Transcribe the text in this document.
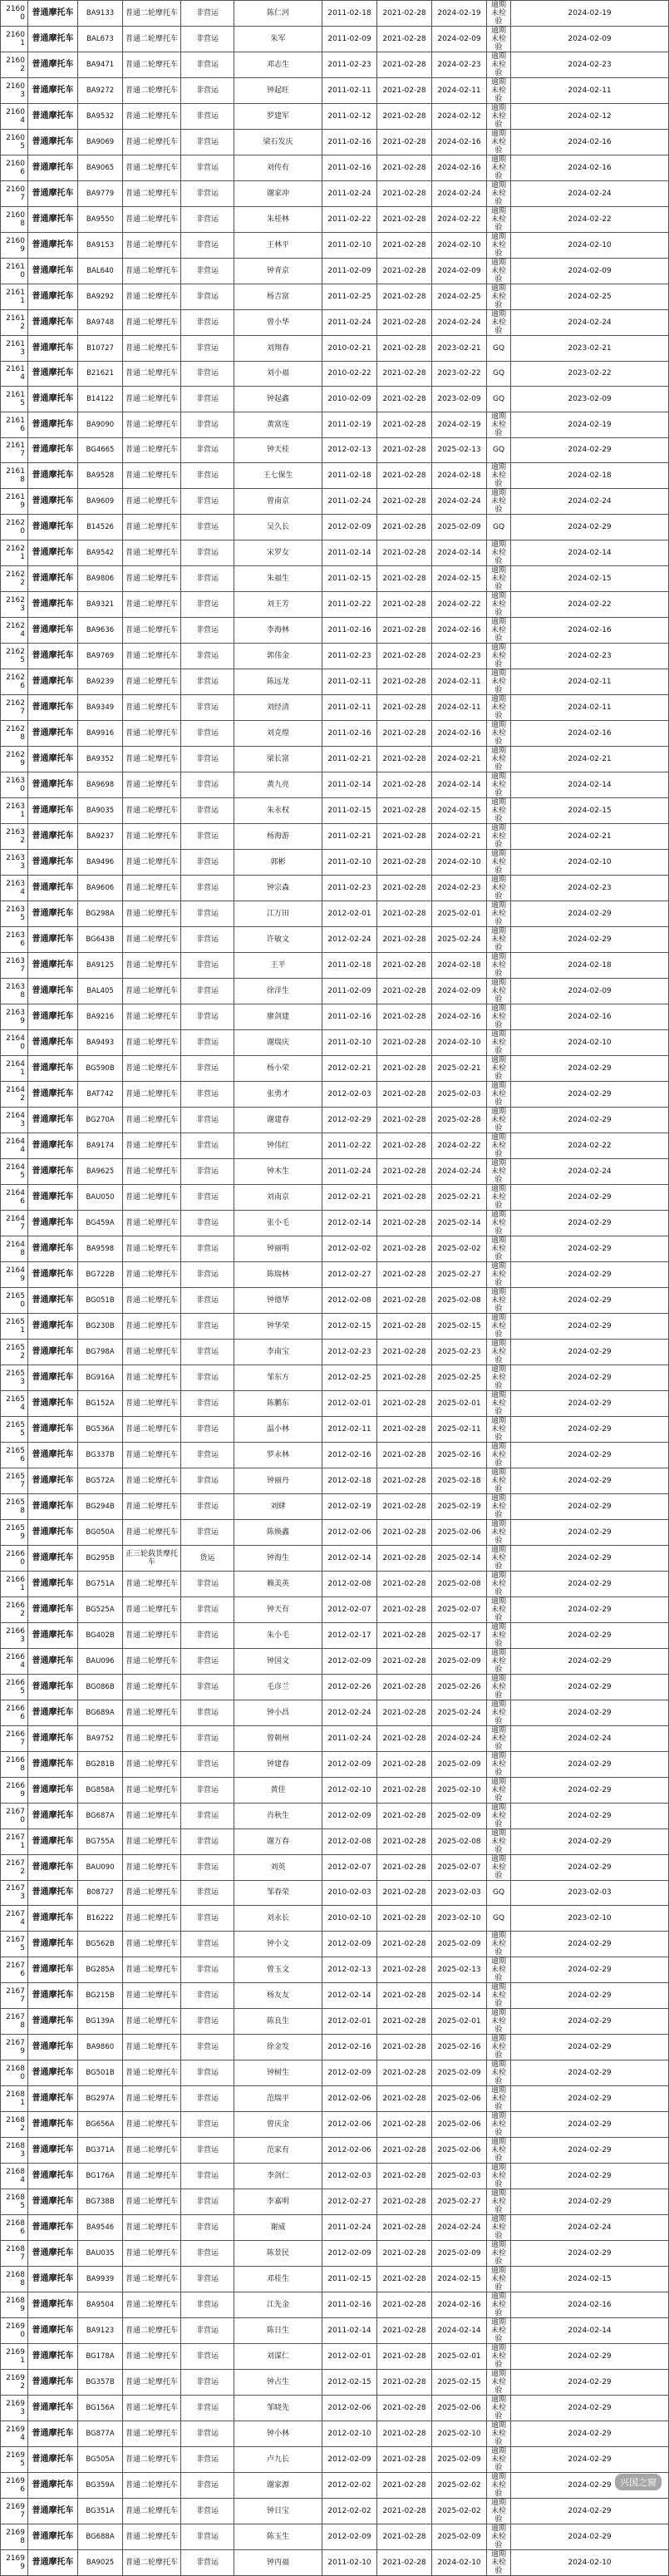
21600	普通摩托车	BA9133	普通二轮摩托车	非营运	陈仁河	2011-02-18	2021-02-28	2024-02-19	逾期未检验	2024-02-19
21601	普通摩托车	BAL673	普通二轮摩托车	非营运	朱军	2011-02-09	2021-02-28	2024-02-09	逾期未检验	2024-02-09
21602	普通摩托车	BA9471	普通二轮摩托车	非营运	邓志生	2011-02-23	2021-02-28	2024-02-23	逾期未检验	2024-02-23
21603	普通摩托车	BA9272	普通二轮摩托车	非营运	钟起旺	2011-02-11	2021-02-28	2024-02-11	逾期未检验	2024-02-11
21604	普通摩托车	BA9532	普通二轮摩托车	非营运	罗建军	2011-02-12	2021-02-28	2024-02-12	逾期未检验	2024-02-12
21605	普通摩托车	BA9069	普通二轮摩托车	非营运	梁石发庆	2011-02-16	2021-02-28	2024-02-16	逾期未检验	2024-02-16
21606	普通摩托车	BA9065	普通二轮摩托车	非营运	刘传有	2011-02-16	2021-02-28	2024-02-16	逾期未检验	2024-02-16
21607	普通摩托车	BA9779	普通二轮摩托车	非营运	谢家冲	2011-02-24	2021-02-28	2024-02-24	逾期未检验	2024-02-24
21608	普通摩托车	BA9550	普通二轮摩托车	非营运	朱桂林	2011-02-22	2021-02-28	2024-02-22	逾期未检验	2024-02-22
21609	普通摩托车	BA9153	普通二轮摩托车	非营运	王林平	2011-02-10	2021-02-28	2024-02-10	逾期未检验	2024-02-10
21610	普通摩托车	BAL640	普通二轮摩托车	非营运	钟青京	2011-02-09	2021-02-28	2024-02-09	逾期未检验	2024-02-09
21611	普通摩托车	BA9292	普通二轮摩托车	非营运	杨吉富	2011-02-25	2021-02-28	2024-02-25	逾期未检验	2024-02-25
21612	普通摩托车	BA9748	普通二轮摩托车	非营运	曾小华	2011-02-24	2021-02-28	2024-02-24	逾期未检验	2024-02-24
21613	普通摩托车	B10727	普通二轮摩托车	非营运	刘翔春	2010-02-21	2021-02-28	2023-02-21	GQ	2023-02-21
21614	普通摩托车	B21621	普通二轮摩托车	非营运	刘小福	2010-02-22	2021-02-28	2023-02-22	GQ	2023-02-22
21615	普通摩托车	B14122	普通二轮摩托车	非营运	钟起鑫	2010-02-09	2021-02-28	2023-02-09	GQ	2023-02-09
21616	普通摩托车	BA9090	普通二轮摩托车	非营运	黄富连	2011-02-19	2021-02-28	2024-02-19	逾期未检验	2024-02-19
21617	普通摩托车	BG4665	普通二轮摩托车	非营运	钟天桂	2012-02-13	2021-02-28	2025-02-13	GQ	2024-02-29
21618	普通摩托车	BA9528	普通二轮摩托车	非营运	王七保生	2011-02-18	2021-02-28	2024-02-18	逾期未检验	2024-02-18
21619	普通摩托车	BA9609	普通二轮摩托车	非营运	曾南京	2011-02-24	2021-02-28	2024-02-24	逾期未检验	2024-02-24
21620	普通摩托车	B14526	普通二轮摩托车	非营运	吴久长	2012-02-09	2021-02-28	2025-02-09	GQ	2024-02-29
21621	普通摩托车	BA9542	普通二轮摩托车	非营运	宋罗女	2011-02-14	2021-02-28	2024-02-14	逾期未检验	2024-02-14
21622	普通摩托车	BA9806	普通二轮摩托车	非营运	朱福生	2011-02-15	2021-02-28	2024-02-15	逾期未检验	2024-02-15
21623	普通摩托车	BA9321	普通二轮摩托车	非营运	刘王芳	2011-02-22	2021-02-28	2024-02-22	逾期未检验	2024-02-22
21624	普通摩托车	BA9636	普通二轮摩托车	非营运	李海林	2011-02-16	2021-02-28	2024-02-16	逾期未检验	2024-02-16
21625	普通摩托车	BA9769	普通二轮摩托车	非营运	郭伟金	2011-02-23	2021-02-28	2024-02-23	逾期未检验	2024-02-23
21626	普通摩托车	BA9239	普通二轮摩托车	非营运	陈远龙	2011-02-11	2021-02-28	2024-02-11	逾期未检验	2024-02-11
21627	普通摩托车	BA9349	普通二轮摩托车	非营运	刘经清	2011-02-11	2021-02-28	2024-02-11	逾期未检验	2024-02-11
21628	普通摩托车	BA9916	普通二轮摩托车	非营运	刘克煌	2011-02-16	2021-02-28	2024-02-16	逾期未检验	2024-02-16
21629	普通摩托车	BA9352	普通二轮摩托车	非营运	梁长富	2011-02-21	2021-02-28	2024-02-21	逾期未检验	2024-02-21
21630	普通摩托车	BA9698	普通二轮摩托车	非营运	黄九亮	2011-02-14	2021-02-28	2024-02-14	逾期未检验	2024-02-14
21631	普通摩托车	BA9035	普通二轮摩托车	非营运	朱永权	2011-02-15	2021-02-28	2024-02-15	逾期未检验	2024-02-15
21632	普通摩托车	BA9237	普通二轮摩托车	非营运	杨海游	2011-02-21	2021-02-28	2024-02-21	逾期未检验	2024-02-21
21633	普通摩托车	BA9496	普通二轮摩托车	非营运	郭彬	2011-02-10	2021-02-28	2024-02-10	逾期未检验	2024-02-10
21634	普通摩托车	BA9606	普通二轮摩托车	非营运	钟宗森	2011-02-23	2021-02-28	2024-02-23	逾期未检验	2024-02-23
21635	普通摩托车	BG298A	普通二轮摩托车	非营运	江万田	2012-02-01	2021-02-28	2025-02-01	逾期未检验	2024-02-29
21636	普通摩托车	BG643B	普通二轮摩托车	非营运	许敏文	2012-02-24	2021-02-28	2025-02-24	逾期未检验	2024-02-29
21637	普通摩托车	BA9125	普通二轮摩托车	非营运	王平	2011-02-18	2021-02-28	2024-02-18	逾期未检验	2024-02-18
21638	普通摩托车	BAL405	普通二轮摩托车	非营运	徐洋生	2011-02-09	2021-02-28	2024-02-09	逾期未检验	2024-02-09
21639	普通摩托车	BA9216	普通二轮摩托车	非营运	廖剑建	2011-02-16	2021-02-28	2024-02-16	逾期未检验	2024-02-16
21640	普通摩托车	BA9493	普通二轮摩托车	非营运	谢瑞庆	2011-02-10	2021-02-28	2024-02-10	逾期未检验	2024-02-10
21641	普通摩托车	BG590B	普通二轮摩托车	非营运	杨小荣	2012-02-21	2021-02-28	2025-02-21	逾期未检验	2024-02-29
21642	普通摩托车	BAT742	普通二轮摩托车	非营运	张勇才	2012-02-03	2021-02-28	2025-02-03	逾期未检验	2024-02-29
21643	普通摩托车	BG270A	普通二轮摩托车	非营运	谢建春	2012-02-29	2021-02-28	2025-02-28	逾期未检验	2024-02-29
21644	普通摩托车	BA9174	普通二轮摩托车	非营运	钟伟红	2011-02-22	2021-02-28	2024-02-22	逾期未检验	2024-02-22
21645	普通摩托车	BA9625	普通二轮摩托车	非营运	钟木生	2011-02-24	2021-02-28	2024-02-24	逾期未检验	2024-02-24
21646	普通摩托车	BAU050	普通二轮摩托车	非营运	刘南京	2012-02-21	2021-02-28	2025-02-21	逾期未检验	2024-02-29
21647	普通摩托车	BG459A	普通二轮摩托车	非营运	张小毛	2012-02-14	2021-02-28	2025-02-14	逾期未检验	2024-02-29
21648	普通摩托车	BA9598	普通二轮摩托车	非营运	钟丽明	2012-02-02	2021-02-28	2025-02-02	逾期未检验	2024-02-29
21649	普通摩托车	BG722B	普通二轮摩托车	非营运	陈瑞林	2012-02-27	2021-02-28	2025-02-27	逾期未检验	2024-02-29
21650	普通摩托车	BG051B	普通二轮摩托车	非营运	钟德华	2012-02-08	2021-02-28	2025-02-08	逾期未检验	2024-02-29
21651	普通摩托车	BG230B	普通二轮摩托车	非营运	钟华荣	2012-02-15	2021-02-28	2025-02-15	逾期未检验	2024-02-29
21652	普通摩托车	BG798A	普通二轮摩托车	非营运	李南宝	2012-02-23	2021-02-28	2025-02-23	逾期未检验	2024-02-29
21653	普通摩托车	BG916A	普通二轮摩托车	非营运	邹东方	2012-02-25	2021-02-28	2025-02-25	逾期未检验	2024-02-29
21654	普通摩托车	BG152A	普通二轮摩托车	非营运	陈鹏东	2012-02-01	2021-02-28	2025-02-01	逾期未检验	2024-02-29
21655	普通摩托车	BG536A	普通二轮摩托车	非营运	温小林	2012-02-11	2021-02-28	2025-02-11	逾期未检验	2024-02-29
21656	普通摩托车	BG337B	普通二轮摩托车	非营运	罗永林	2012-02-16	2021-02-28	2025-02-16	逾期未检验	2024-02-29
21657	普通摩托车	BG572A	普通二轮摩托车	非营运	钟丽丹	2012-02-18	2021-02-28	2025-02-18	逾期未检验	2024-02-29
21658	普通摩托车	BG294B	普通二轮摩托车	非营运	刘肆	2012-02-19	2021-02-28	2025-02-19	逾期未检验	2024-02-29
21659	普通摩托车	BG050A	普通二轮摩托车	非营运	陈焕鑫	2012-02-06	2021-02-28	2025-02-06	逾期未检验	2024-02-29
21660	普通摩托车	BG295B	正三轮载货摩托车	货运	钟海生	2012-02-14	2021-02-28	2025-02-14	逾期未检验	2024-02-29
21661	普通摩托车	BG751A	普通二轮摩托车	非营运	赖美英	2012-02-08	2021-02-28	2025-02-08	逾期未检验	2024-02-29
21662	普通摩托车	BG525A	普通二轮摩托车	非营运	钟天有	2012-02-07	2021-02-28	2025-02-07	逾期未检验	2024-02-29
21663	普通摩托车	BG402B	普通二轮摩托车	非营运	朱小毛	2012-02-17	2021-02-28	2025-02-17	逾期未检验	2024-02-29
21664	普通摩托车	BAU096	普通二轮摩托车	非营运	钟国文	2012-02-09	2021-02-28	2025-02-09	逾期未检验	2024-02-29
21665	普通摩托车	BG086B	普通二轮摩托车	非营运	毛彦兰	2012-02-26	2021-02-28	2025-02-26	逾期未检验	2024-02-29
21666	普通摩托车	BG689A	普通二轮摩托车	非营运	钟小昌	2012-02-24	2021-02-28	2025-02-24	逾期未检验	2024-02-29
21667	普通摩托车	BA9752	普通二轮摩托车	非营运	曾朝州	2011-02-24	2021-02-28	2024-02-24	逾期未检验	2024-02-24
21668	普通摩托车	BG281B	普通二轮摩托车	非营运	钟建春	2012-02-09	2021-02-28	2025-02-09	逾期未检验	2024-02-29
21669	普通摩托车	BG858A	普通二轮摩托车	非营运	黄佳	2012-02-10	2021-02-28	2025-02-10	逾期未检验	2024-02-29
21670	普通摩托车	BG687A	普通二轮摩托车	非营运	肖秋生	2012-02-09	2021-02-28	2025-02-09	逾期未检验	2024-02-29
21671	普通摩托车	BG755A	普通二轮摩托车	非营运	谢万春	2012-02-08	2021-02-28	2025-02-08	逾期未检验	2024-02-29
21672	普通摩托车	BAU090	普通二轮摩托车	非营运	刘英	2012-02-07	2021-02-28	2025-02-07	逾期未检验	2024-02-29
21673	普通摩托车	B08727	普通二轮摩托车	非营运	邹春荣	2010-02-03	2021-02-28	2023-02-03	GQ	2023-02-03
21674	普通摩托车	B16222	普通二轮摩托车	非营运	刘永长	2010-02-10	2021-02-28	2023-02-10	GQ	2023-02-10
21675	普通摩托车	BG562B	普通二轮摩托车	非营运	钟小文	2012-02-09	2021-02-28	2025-02-09	逾期未检验	2024-02-29
21676	普通摩托车	BG285A	普通二轮摩托车	非营运	曾玉文	2012-02-13	2021-02-28	2025-02-13	逾期未检验	2024-02-29
21677	普通摩托车	BG215B	普通二轮摩托车	非营运	杨友友	2012-02-14	2021-02-28	2025-02-14	逾期未检验	2024-02-29
21678	普通摩托车	BG139A	普通二轮摩托车	非营运	陈良生	2012-02-01	2021-02-28	2025-02-01	逾期未检验	2024-02-29
21679	普通摩托车	BA9860	普通二轮摩托车	非营运	徐金发	2012-02-16	2021-02-28	2025-02-16	逾期未检验	2024-02-29
21680	普通摩托车	BG501B	普通二轮摩托车	非营运	钟树生	2012-02-09	2021-02-28	2025-02-09	逾期未检验	2024-02-29
21681	普通摩托车	BG297A	普通二轮摩托车	非营运	范瑞平	2012-02-06	2021-02-28	2025-02-06	逾期未检验	2024-02-29
21682	普通摩托车	BG656A	普通二轮摩托车	非营运	曾庆金	2012-02-06	2021-02-28	2025-02-06	逾期未检验	2024-02-29
21683	普通摩托车	BG371A	普通二轮摩托车	非营运	范家有	2012-02-06	2021-02-28	2025-02-06	逾期未检验	2024-02-29
21684	普通摩托车	BG176A	普通二轮摩托车	非营运	李剑仁	2012-02-03	2021-02-28	2025-02-03	逾期未检验	2024-02-29
21685	普通摩托车	BG738B	普通二轮摩托车	非营运	李嘉明	2012-02-27	2021-02-28	2025-02-27	逾期未检验	2024-02-29
21686	普通摩托车	BA9546	普通二轮摩托车	非营运	谢威	2011-02-24	2021-02-28	2024-02-24	逾期未检验	2024-02-24
21687	普通摩托车	BAU035	普通二轮摩托车	非营运	陈景民	2012-02-09	2021-02-28	2025-02-09	逾期未检验	2024-02-29
21688	普通摩托车	BA9939	普通二轮摩托车	非营运	邓桂生	2011-02-15	2021-02-28	2024-02-15	逾期未检验	2024-02-15
21689	普通摩托车	BA9504	普通二轮摩托车	非营运	江先金	2011-02-16	2021-02-28	2024-02-16	逾期未检验	2024-02-16
21690	普通摩托车	BA9123	普通二轮摩托车	非营运	陈日生	2011-02-14	2021-02-28	2024-02-14	逾期未检验	2024-02-14
21691	普通摩托车	BG178A	普通二轮摩托车	非营运	刘谋仁	2012-02-01	2021-02-28	2025-02-01	逾期未检验	2024-02-29
21692	普通摩托车	BG357B	普通二轮摩托车	非营运	钟占生	2012-02-15	2021-02-28	2025-02-15	逾期未检验	2024-02-29
21693	普通摩托车	BG156A	普通二轮摩托车	非营运	邹晓先	2012-02-06	2021-02-28	2025-02-06	逾期未检验	2024-02-29
21694	普通摩托车	BG877A	普通二轮摩托车	非营运	钟小林	2012-02-10	2021-02-28	2025-02-10	逾期未检验	2024-02-29
21695	普通摩托车	BG505A	普通二轮摩托车	非营运	卢九长	2012-02-09	2021-02-28	2025-02-09	逾期未检验	2024-02-29
21696	普通摩托车	BG359A	普通二轮摩托车	非营运	谢家源	2012-02-02	2021-02-28	2025-02-02	逾期未检验	2024-02-29
21697	普通摩托车	BG351A	普通二轮摩托车	非营运	钟日宝	2012-02-02	2021-02-28	2025-02-02	逾期未检验	2024-02-29
21698	普通摩托车	BG688A	普通二轮摩托车	非营运	陈玉生	2012-02-09	2021-02-28	2025-02-09	逾期未检验	2024-02-29
21699	普通摩托车	BA9025	普通二轮摩托车	非营运	钟丙福	2011-02-10	2021-02-28	2024-02-10	逾期未检验	2024-02-10
兴国之窗
